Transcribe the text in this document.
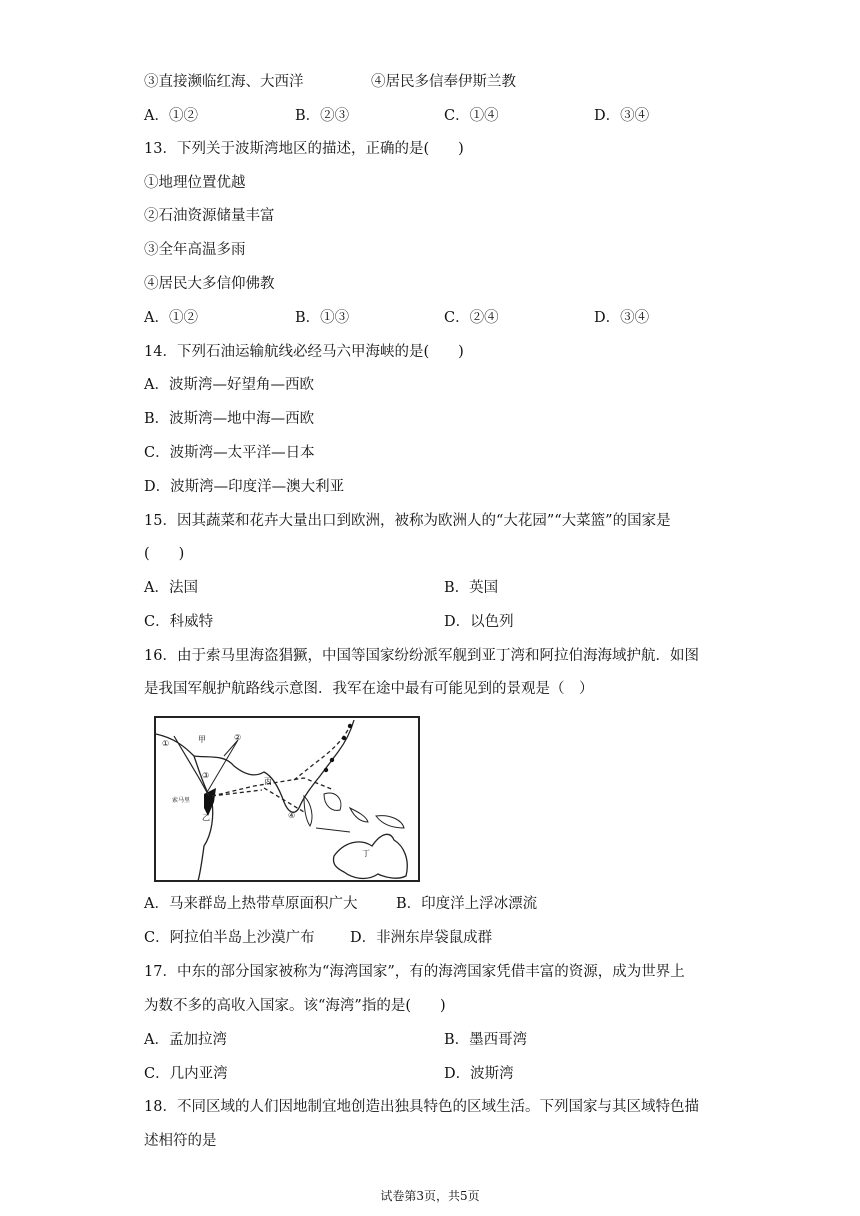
③直接濒临红海、大西洋	④居民多信奉伊斯兰教
A．①②	B．②③	C．①④	D．③④
13．下列关于波斯湾地区的描述，正确的是(　　)
①地理位置优越
②石油资源储量丰富
③全年高温多雨
④居民大多信仰佛教
A．①②	B．①③	C．②④	D．③④
14．下列石油运输航线必经马六甲海峡的是(　　)
A．波斯湾—好望角—西欧
B．波斯湾—地中海—西欧
C．波斯湾—太平洋—日本
D．波斯湾—印度洋—澳大利亚
15．因其蔬菜和花卉大量出口到欧洲，被称为欧洲人的“大花园”“大菜篮”的国家是
(　　)
A．法国	B．英国
C．科威特	D．以色列
16．由于索马里海盗猖獗，中国等国家纷纷派军舰到亚丁湾和阿拉伯海海域护航．如图
是我国军舰护航路线示意图．我军在途中最有可能见到的景观是（　）
甲
乙
丙
丁
索马里
①
②
③
④
A．马来群岛上热带草原面积广大	B．印度洋上浮冰漂流
C．阿拉伯半岛上沙漠广布 D．非洲东岸袋鼠成群
17．中东的部分国家被称为“海湾国家”，有的海湾国家凭借丰富的资源，成为世界上
为数不多的高收入国家。该“海湾”指的是(　　)
A．孟加拉湾	B．墨西哥湾
C．几内亚湾	D．波斯湾
18．不同区域的人们因地制宜地创造出独具特色的区域生活。下列国家与其区域特色描
述相符的是
试卷第3页，共5页
